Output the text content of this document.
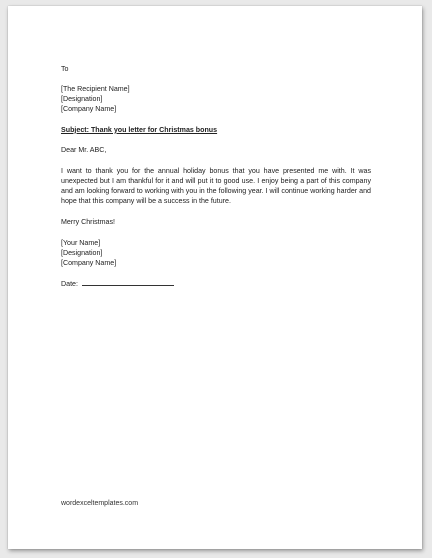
To
[The Recipient Name]
[Designation]
[Company Name]
Subject: Thank you letter for Christmas bonus
Dear Mr. ABC,
I want to thank you for the annual holiday bonus that you have presented me with. It was unexpected but I am thankful for it and will put it to good use. I enjoy being a part of this company and am looking forward to working with you in the following year. I will continue working harder and hope that this company will be a success in the future.
Merry Christmas!
[Your Name]
[Designation]
[Company Name]
Date:
wordexceltemplates.com
